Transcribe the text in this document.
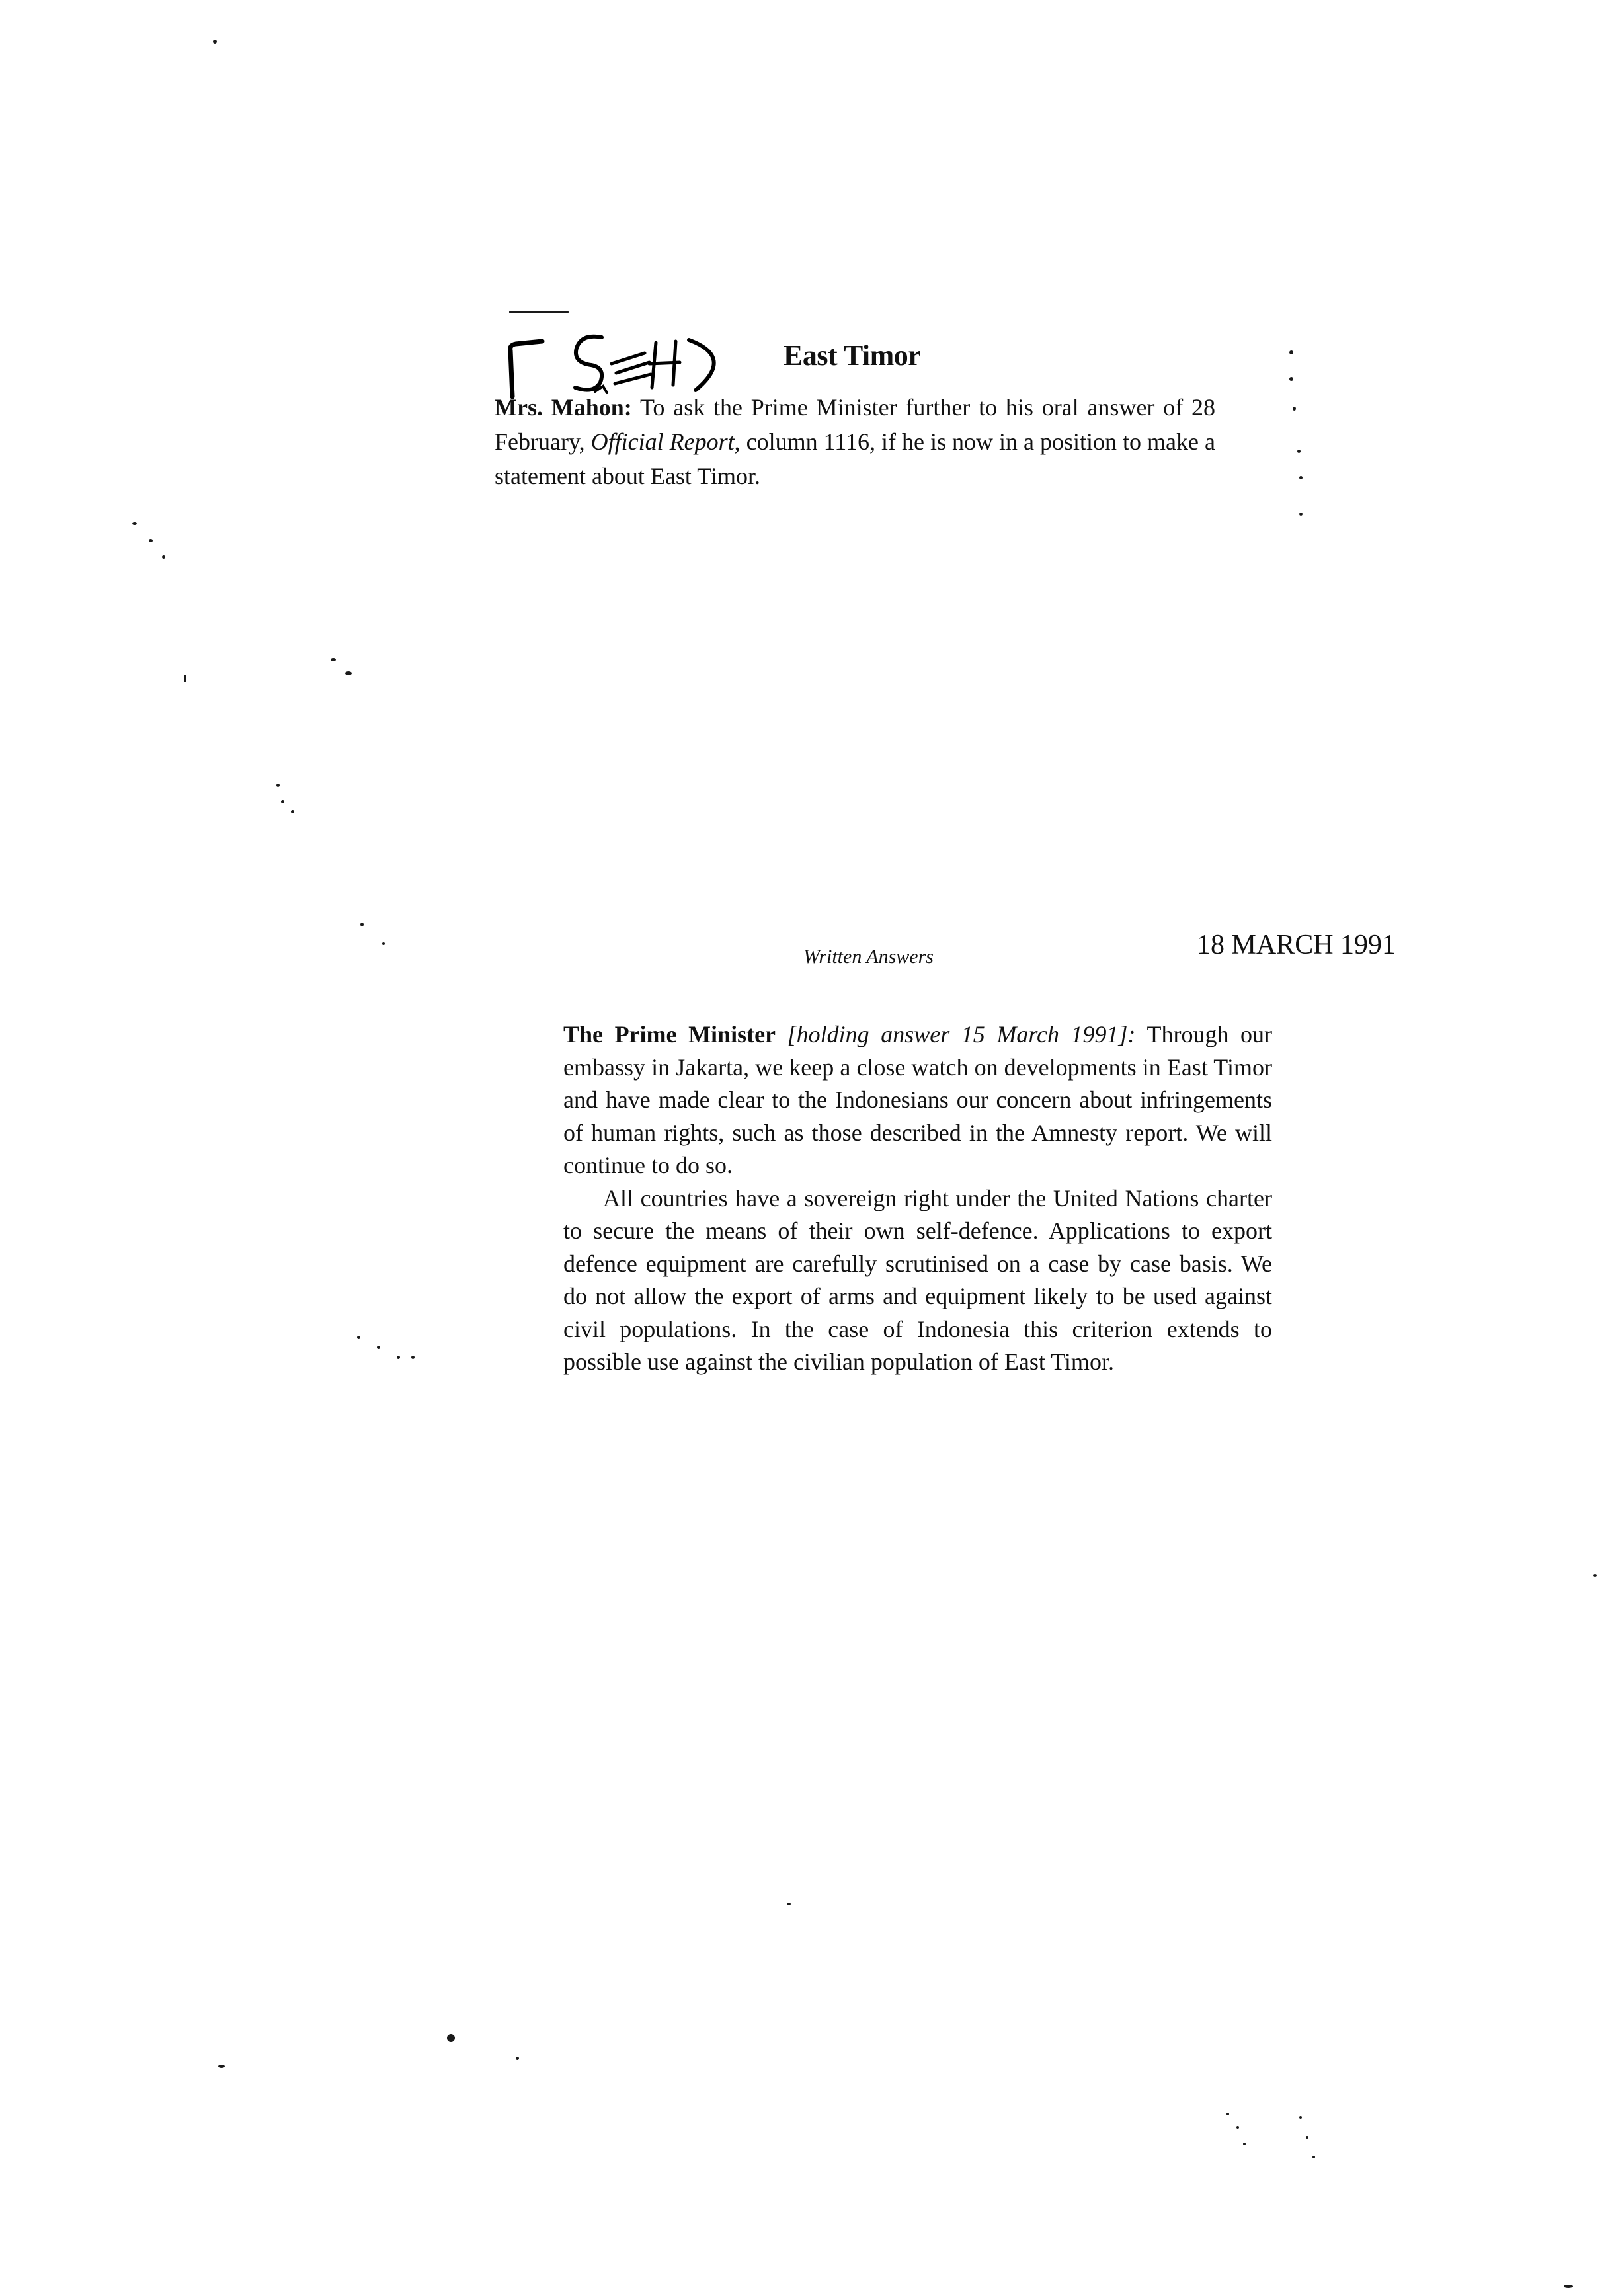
East Timor
Mrs. Mahon: To ask the Prime Minister further to his oral answer of 28 February, Official Report, column 1116, if he is now in a position to make a statement about East Timor.
Written Answers	18 MARCH 1991

The Prime Minister [holding answer 15 March 1991]: Through our embassy in Jakarta, we keep a close watch on developments in East Timor and have made clear to the Indonesians our concern about infringements of human rights, such as those described in the Amnesty report. We will continue to do so.

All countries have a sovereign right under the United Nations charter to secure the means of their own self-defence. Applications to export defence equipment are carefully scrutinised on a case by case basis. We do not allow the export of arms and equipment likely to be used against civil populations. In the case of Indonesia this criterion extends to possible use against the civilian population of East Timor.
